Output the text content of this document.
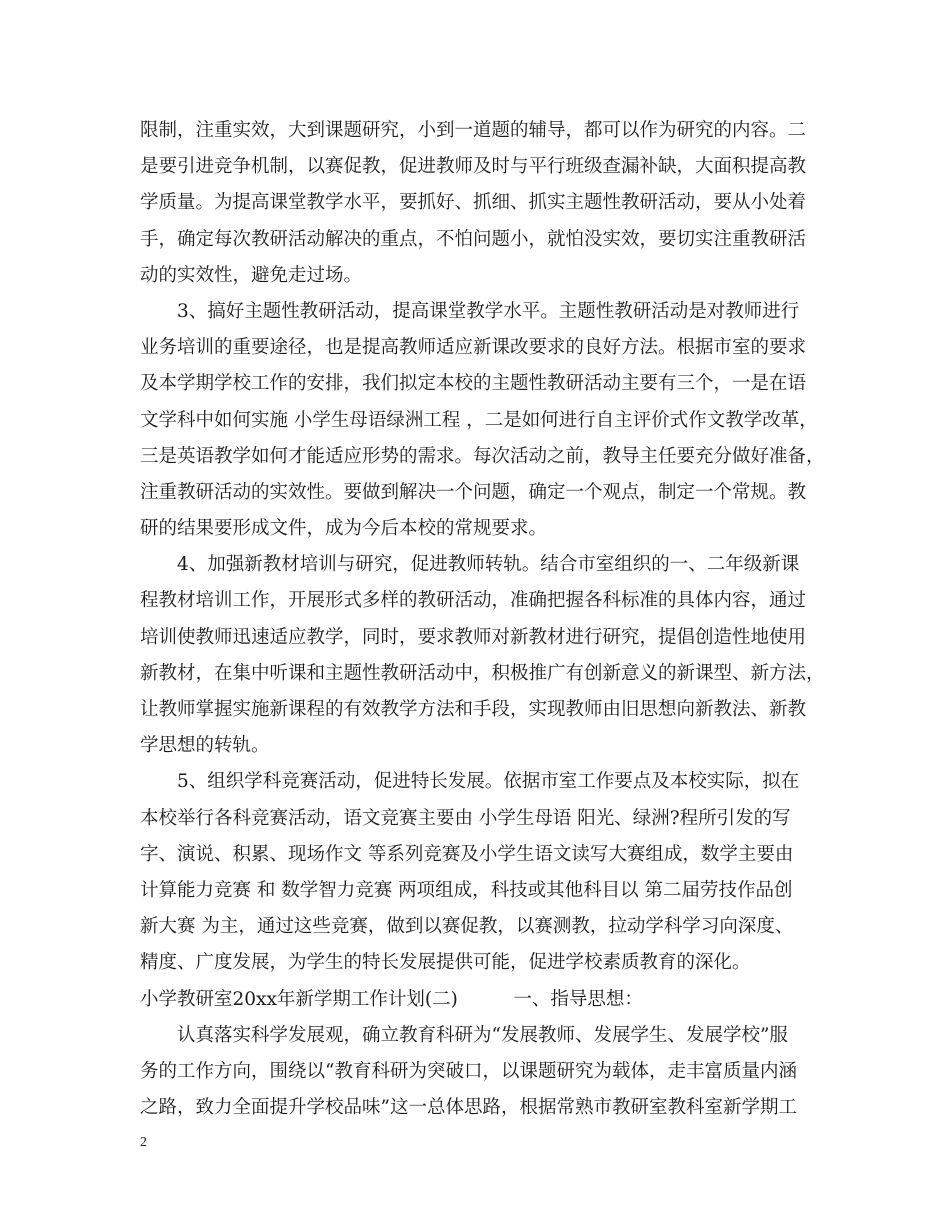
限制，注重实效，大到课题研究，小到一道题的辅导，都可以作为研究的内容。二
是要引进竞争机制，以赛促教，促进教师及时与平行班级查漏补缺，大面积提高教
学质量。为提高课堂教学水平，要抓好、抓细、抓实主题性教研活动，要从小处着
手，确定每次教研活动解决的重点，不怕问题小，就怕没实效，要切实注重教研活
动的实效性，避免走过场。
　　3、搞好主题性教研活动，提高课堂教学水平。主题性教研活动是对教师进行
业务培训的重要途径，也是提高教师适应新课改要求的良好方法。根据市室的要求
及本学期学校工作的安排，我们拟定本校的主题性教研活动主要有三个，一是在语
文学科中如何实施 小学生母语绿洲工程 ，二是如何进行自主评价式作文教学改革，
三是英语教学如何才能适应形势的需求。每次活动之前，教导主任要充分做好准备，
注重教研活动的实效性。要做到解决一个问题，确定一个观点，制定一个常规。教
研的结果要形成文件，成为今后本校的常规要求。
　　4、加强新教材培训与研究，促进教师转轨。结合市室组织的一、二年级新课
程教材培训工作，开展形式多样的教研活动，准确把握各科标准的具体内容，通过
培训使教师迅速适应教学，同时，要求教师对新教材进行研究，提倡创造性地使用
新教材，在集中听课和主题性教研活动中，积极推广有创新意义的新课型、新方法，
让教师掌握实施新课程的有效教学方法和手段，实现教师由旧思想向新教法、新教
学思想的转轨。
　　5、组织学科竞赛活动，促进特长发展。依据市室工作要点及本校实际，拟在
本校举行各科竞赛活动，语文竞赛主要由 小学生母语 阳光、绿洲?程所引发的写
字、演说、积累、现场作文 等系列竞赛及小学生语文读写大赛组成，数学主要由
计算能力竞赛 和 数学智力竞赛 两项组成，科技或其他科目以 第二届劳技作品创
新大赛 为主，通过这些竞赛，做到以赛促教，以赛测教，拉动学科学习向深度、
精度、广度发展，为学生的特长发展提供可能，促进学校素质教育的深化。
小学教研室20xx年新学期工作计划(二)　　　一、指导思想：
　　认真落实科学发展观，确立教育科研为“发展教师、发展学生、发展学校”服
务的工作方向，围绕以“教育科研为突破口，以课题研究为载体，走丰富质量内涵
之路，致力全面提升学校品味”这一总体思路，根据常熟市教研室教科室新学期工
2
